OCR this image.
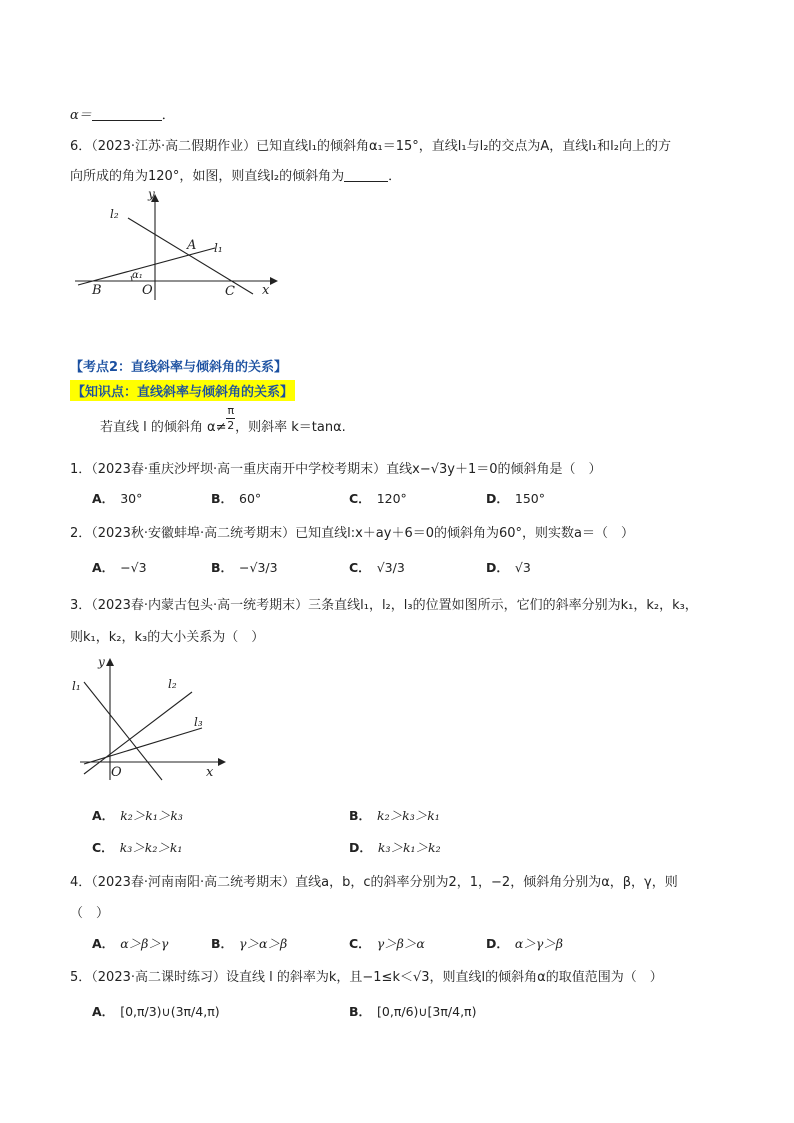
α＝	．
6．（2023·江苏·高二假期作业）已知直线l₁的倾斜角α₁＝15°，直线l₁与l₂的交点为A，直线l₁和l₂向上的方
向所成的角为120°，如图，则直线l₂的倾斜角为	．
y
x
l₂
l₁
A
B	O	C
α₁
【考点2：直线斜率与倾斜角的关系】
【知识点：直线斜率与倾斜角的关系】
若直线 l 的倾斜角 $\alpha\ne \frac{\pi}{2}$ ，则斜率 k＝tanα.
1．（2023春·重庆沙坪坝·高一重庆南开中学校考期末）直线x−√3y＋1＝0的倾斜角是（　）
A． 30°	B． 60°	C． 120°	D． 150°
2．（2023秋·安徽蚌埠·高二统考期末）已知直线l:x＋ay＋6＝0的倾斜角为60°，则实数a＝（　）
A． −√3	B． −√3/3	C． √3/3	D． √3
3．（2023春·内蒙古包头·高一统考期末）三条直线l₁，l₂，l₃的位置如图所示，它们的斜率分别为k₁，k₂，k₃，
则k₁，k₂，k₃的大小关系为（　）
y
x
l₁	l₂
l₃
O
A． k₂＞k₁＞k₃	B． k₂＞k₃＞k₁
C． k₃＞k₂＞k₁	D． k₃＞k₁＞k₂
4．（2023春·河南南阳·高二统考期末）直线a，b，c的斜率分别为2，1，−2，倾斜角分别为α，β，γ，则
（　）
A． α＞β＞γ	B． γ＞α＞β	C． γ＞β＞α	D． α＞γ＞β
5．（2023·高二课时练习）设直线 l 的斜率为k，且−1≤k＜√3，则直线l的倾斜角α的取值范围为（　）
A． [0,π/3)∪(3π/4,π)	B． [0,π/6)∪[3π/4,π)
